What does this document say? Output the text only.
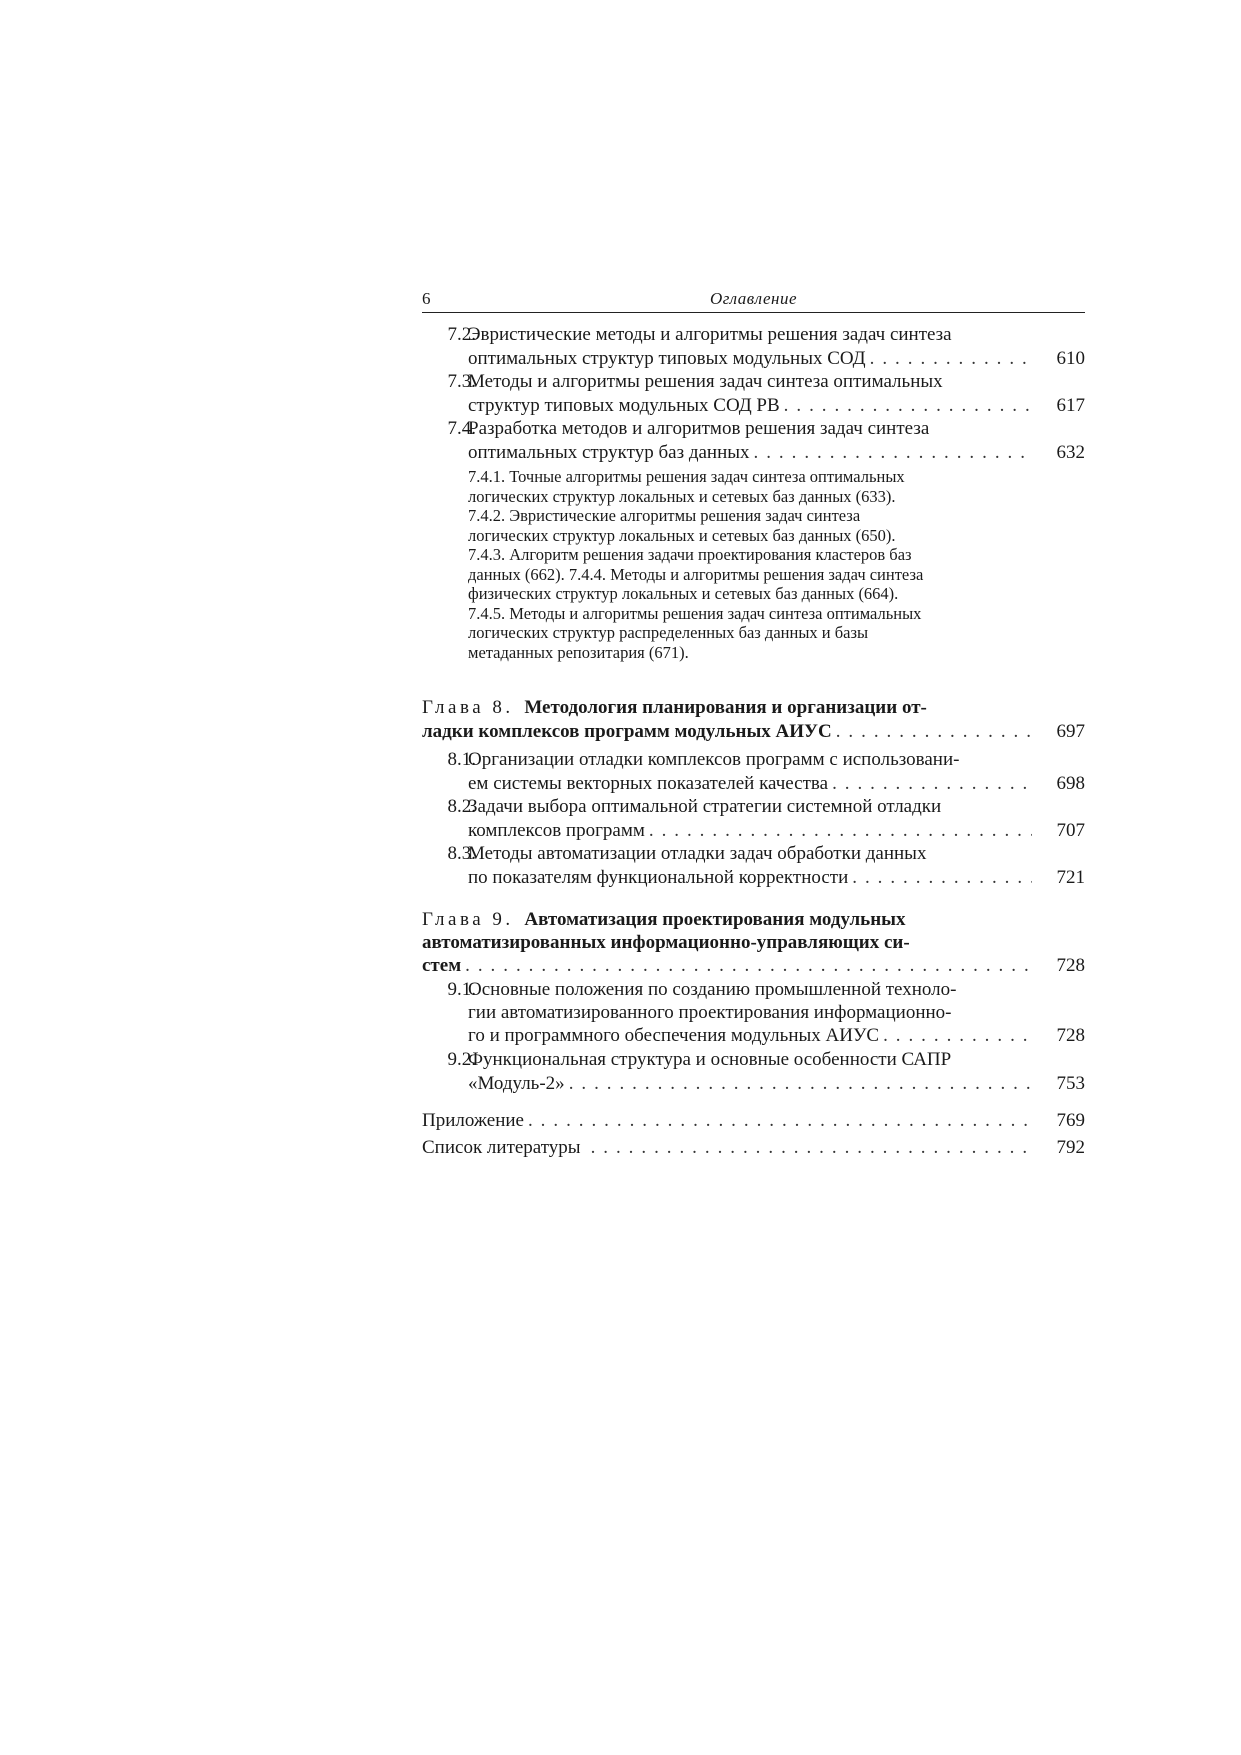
6	Оглавление
7.2.
Эвристические методы и алгоритмы решения задач синтеза
оптимальных структур типовых модульных СОД . . .	610
7.3.
Методы и алгоритмы решения задач синтеза оптимальных
структур типовых модульных СОД РВ . . .	617
7.4.
Разработка методов и алгоритмов решения задач синтеза
оптимальных структур баз данных . . .	632
7.4.1. Точные алгоритмы решения задач синтеза оптимальных
логических структур локальных и сетевых баз данных (633).
7.4.2. Эвристические алгоритмы решения задач синтеза
логических структур локальных и сетевых баз данных (650).
7.4.3. Алгоритм решения задачи проектирования кластеров баз
данных (662). 7.4.4. Методы и алгоритмы решения задач синтеза
физических структур локальных и сетевых баз данных (664).
7.4.5. Методы и алгоритмы решения задач синтеза оптимальных
логических структур распределенных баз данных и базы
метаданных репозитария (671).
Глава 8. Методология планирования и организации от-
ладки комплексов программ модульных АИУС . . .	697
8.1.
Организации отладки комплексов программ с использовани-
ем системы векторных показателей качества . . .	698
8.2.
Задачи выбора оптимальной стратегии системной отладки
комплексов программ . . .	707
8.3.
Методы автоматизации отладки задач обработки данных
по показателям функциональной корректности . . .	721
Глава 9. Автоматизация проектирования модульных
автоматизированных информационно-управляющих си-
стем . . .	728
9.1.
Основные положения по созданию промышленной техноло-
гии автоматизированного проектирования информационно-
го и программного обеспечения модульных АИУС . . .	728
9.2.
Функциональная структура и основные особенности САПР
«Модуль-2» . . .	753
Приложение . . .	769
Список литературы . . .	792
